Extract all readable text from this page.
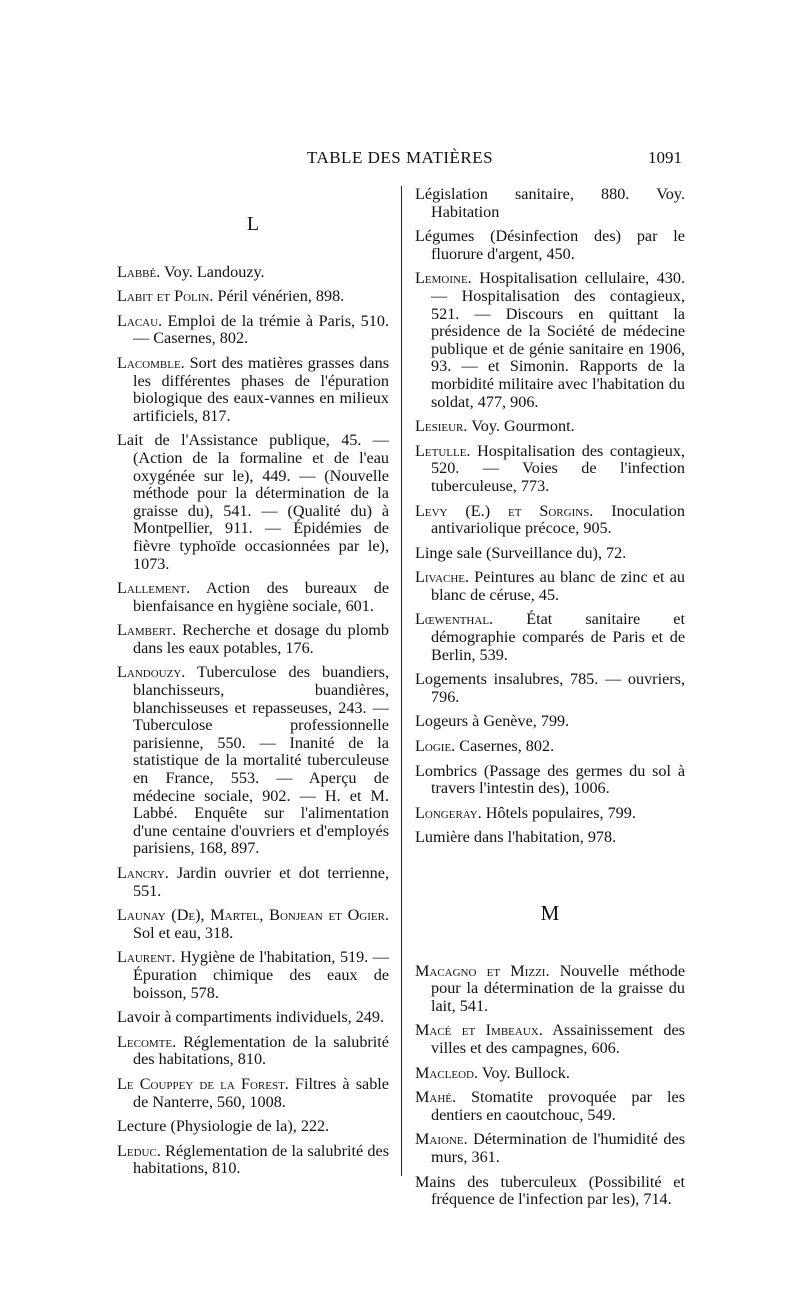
TABLE DES MATIÈRES	1091
L
Labbé. Voy. Landouzy.
Labit et Polin. Péril vénérien, 898.
Lacau. Emploi de la trémie à Paris, 510. — Casernes, 802.
Lacomble. Sort des matières grasses dans les différentes phases de l'épuration biologique des eaux-vannes en milieux artificiels, 817.
Lait de l'Assistance publique, 45. — (Action de la formaline et de l'eau oxygénée sur le), 449. — (Nouvelle méthode pour la détermination de la graisse du), 541. — (Qualité du) à Montpellier, 911. — Épidémies de fièvre typhoïde occasionnées par le), 1073.
Lallement. Action des bureaux de bienfaisance en hygiène sociale, 601.
Lambert. Recherche et dosage du plomb dans les eaux potables, 176.
Landouzy. Tuberculose des buandiers, blanchisseurs, buandières, blanchisseuses et repasseuses, 243. — Tuberculose professionnelle parisienne, 550. — Inanité de la statistique de la mortalité tuberculeuse en France, 553. — Aperçu de médecine sociale, 902. — H. et M. Labbé. Enquête sur l'alimentation d'une centaine d'ouvriers et d'employés parisiens, 168, 897.
Lancry. Jardin ouvrier et dot terrienne, 551.
Launay (De), Martel, Bonjean et Ogier. Sol et eau, 318.
Laurent. Hygiène de l'habitation, 519. — Épuration chimique des eaux de boisson, 578.
Lavoir à compartiments individuels, 249.
Lecomte. Réglementation de la salubrité des habitations, 810.
Le Couppey de la Forest. Filtres à sable de Nanterre, 560, 1008.
Lecture (Physiologie de la), 222.
Leduc. Réglementation de la salubrité des habitations, 810.
Législation sanitaire, 880. Voy. Habitation
Légumes (Désinfection des) par le fluorure d'argent, 450.
Lemoine. Hospitalisation cellulaire, 430. — Hospitalisation des contagieux, 521. — Discours en quittant la présidence de la Société de médecine publique et de génie sanitaire en 1906, 93. — et Simonin. Rapports de la morbidité militaire avec l'habitation du soldat, 477, 906.
Lesieur. Voy. Gourmont.
Letulle. Hospitalisation des contagieux, 520. — Voies de l'infection tuberculeuse, 773.
Levy (E.) et Sorgins. Inoculation antivariolique précoce, 905.
Linge sale (Surveillance du), 72.
Livache. Peintures au blanc de zinc et au blanc de céruse, 45.
Lœwenthal. État sanitaire et démographie comparés de Paris et de Berlin, 539.
Logements insalubres, 785. — ouvriers, 796.
Logeurs à Genève, 799.
Logie. Casernes, 802.
Lombrics (Passage des germes du sol à travers l'intestin des), 1006.
Longeray. Hôtels populaires, 799.
Lumière dans l'habitation, 978.
M
Macagno et Mizzi. Nouvelle méthode pour la détermination de la graisse du lait, 541.
Macé et Imbeaux. Assainissement des villes et des campagnes, 606.
Macleod. Voy. Bullock.
Mahé. Stomatite provoquée par les dentiers en caoutchouc, 549.
Maione. Détermination de l'humidité des murs, 361.
Mains des tuberculeux (Possibilité et fréquence de l'infection par les), 714.
